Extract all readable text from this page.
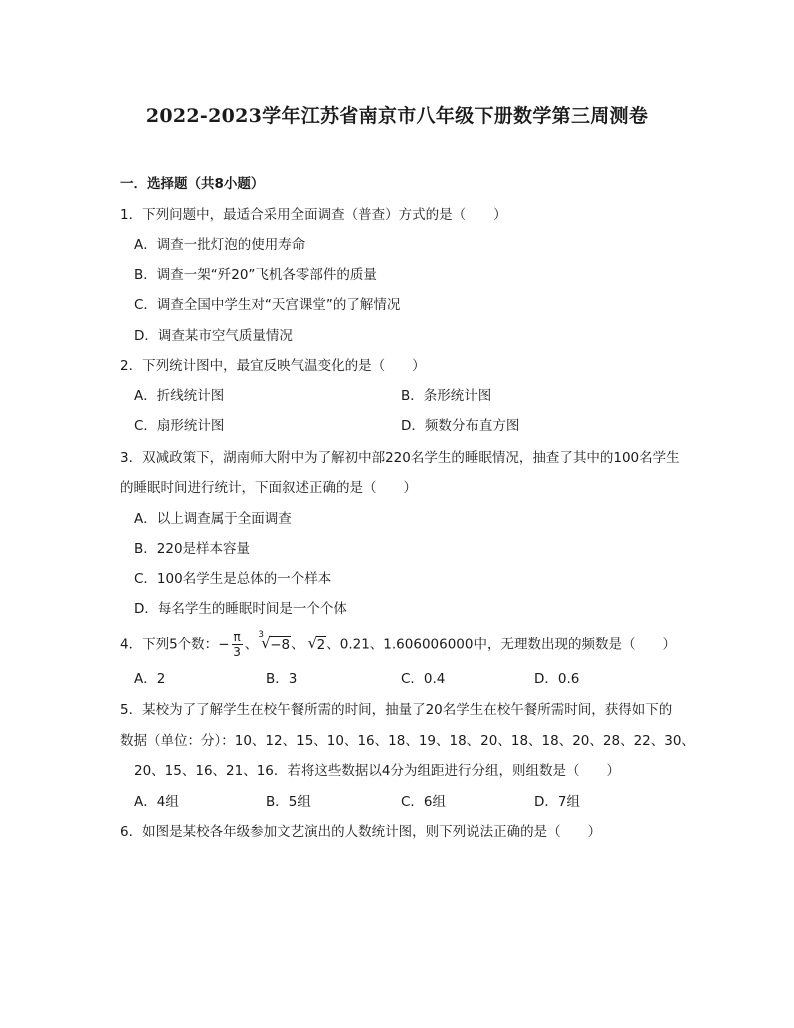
2022-2023学年江苏省南京市八年级下册数学第三周测卷
一．选择题（共8小题）
1．下列问题中，最适合采用全面调查（普查）方式的是（　　）
A．调查一批灯泡的使用寿命
B．调查一架“歼20”飞机各零部件的质量
C．调查全国中学生对“天宫课堂”的了解情况
D．调查某市空气质量情况
2．下列统计图中，最宜反映气温变化的是（　　）
A．折线统计图	B．条形统计图
C．扇形统计图	D．频数分布直方图
3．双减政策下，湖南师大附中为了解初中部220名学生的睡眠情况，抽查了其中的100名学生
的睡眠时间进行统计，下面叙述正确的是（　　）
A．以上调查属于全面调查
B．220是样本容量
C．100名学生是总体的一个样本
D．每名学生的睡眠时间是一个个体
4．下列5个数：− $\frac{\pi}{3}$ 、
3
√ −8、 √ 2、0.21、1.606006000中，无理数出现的频数是（　　）
A．2	B．3	C．0.4	D．0.6
5．某校为了了解学生在校午餐所需的时间，抽量了20名学生在校午餐所需时间，获得如下的
数据（单位：分）：10、12、15、10、16、18、19、18、20、18、18、20、28、22、30、
20、15、16、21、16．若将这些数据以4分为组距进行分组，则组数是（　　）
A．4组	B．5组	C．6组	D．7组
6．如图是某校各年级参加文艺演出的人数统计图，则下列说法正确的是（　　）
